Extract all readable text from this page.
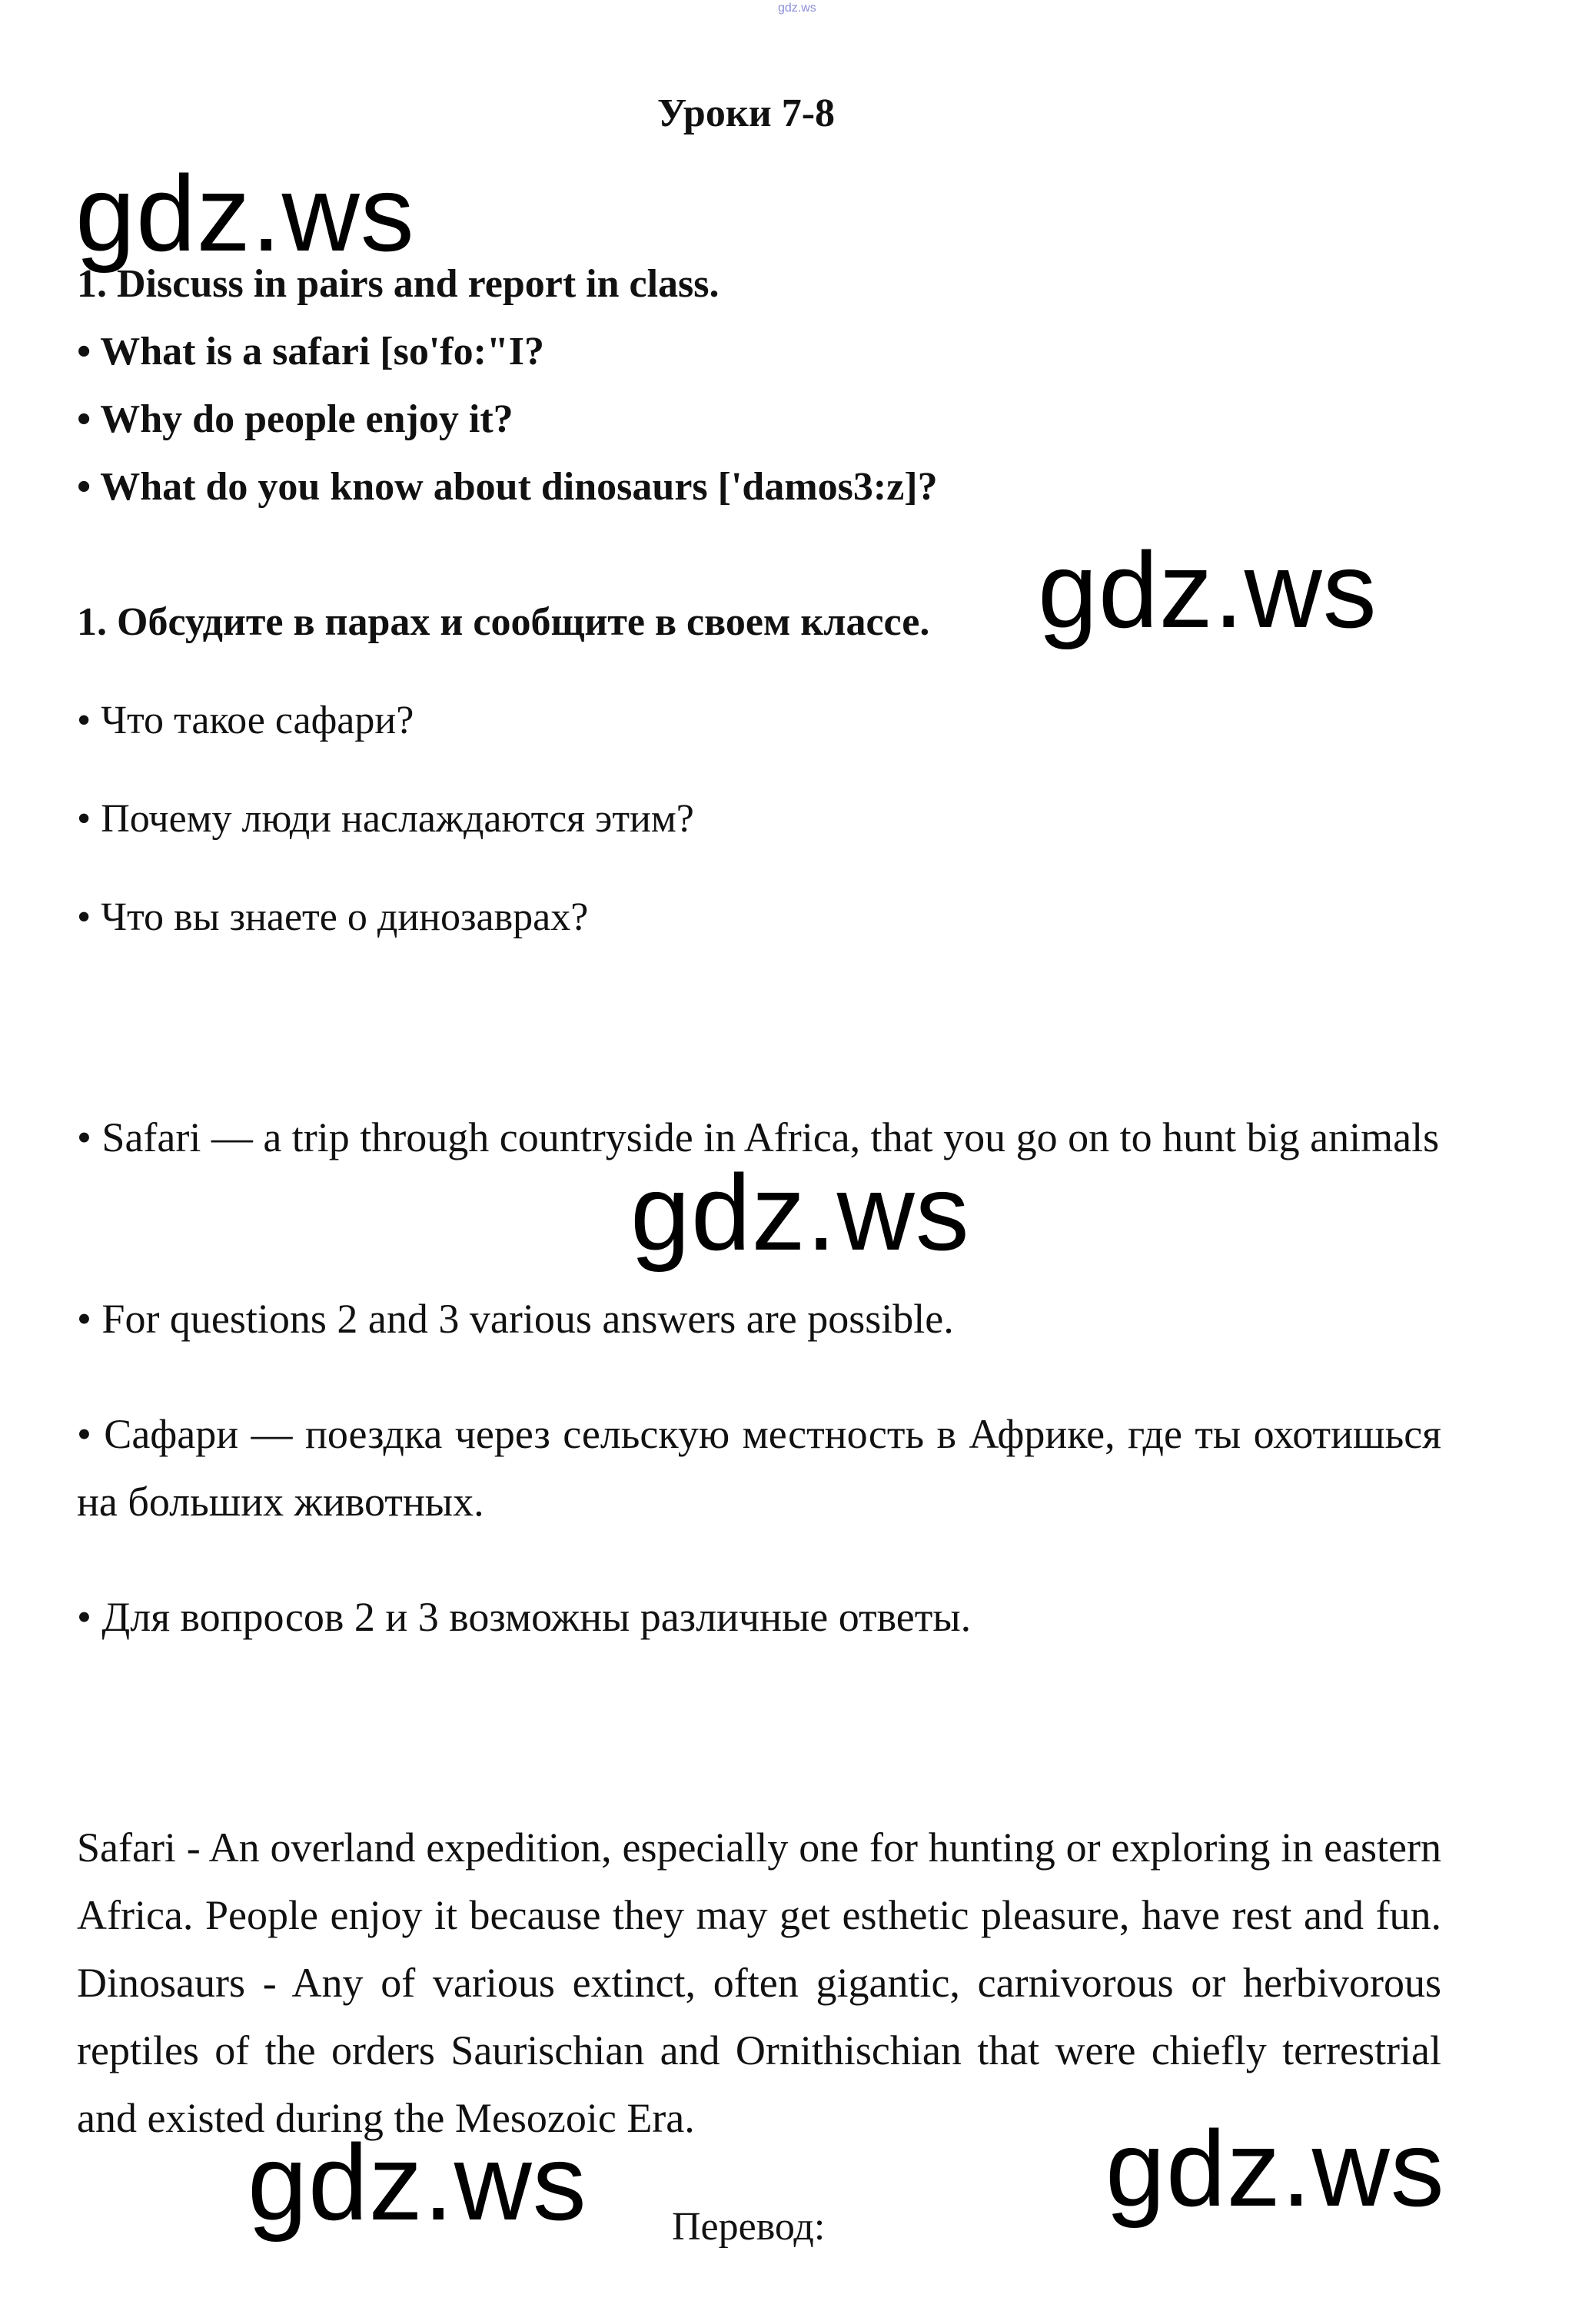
gdz.ws
Уроки 7-8
gdz.ws
1. Discuss in pairs and report in class.
• What is a safari [so'fo:"I?
• Why do people enjoy it?
• What do you know about dinosaurs ['damos3:z]?
1. Обсудите в парах и сообщите в своем классе. gdz.ws
• Что такое сафари?
• Почему люди наслаждаются этим?
• Что вы знаете о динозаврах?
• Safari — a trip through countryside in Africa, that you go on to hunt big animals
gdz.ws
• For questions 2 and 3 various answers are possible.
• Сафари — поездка через сельскую местность в Африке, где ты охотишься на больших животных.
• Для вопросов 2 и 3 возможны различные ответы.
Safari - An overland expedition, especially one for hunting or exploring in eastern Africa. People enjoy it because they may get esthetic pleasure, have rest and fun. Dinosaurs - Any of various extinct, often gigantic, carnivorous or herbivorous reptiles of the orders Saurischian and Ornithischian that were chiefly terrestrial and existed during the Mesozoic Era.
gdz.ws Перевод:	gdz.ws
